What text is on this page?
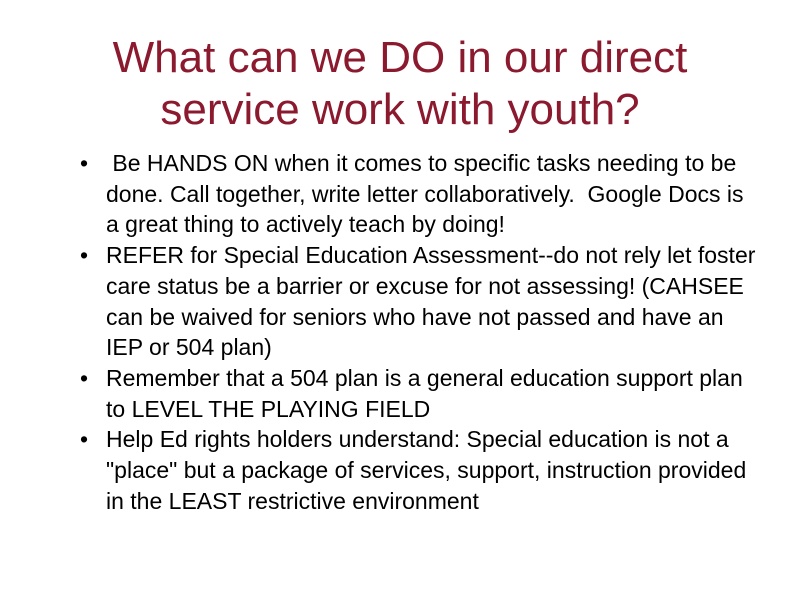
What can we DO in our direct service work with youth?
• Be HANDS ON when it comes to specific tasks needing to be done. Call together, write letter collaboratively.  Google Docs is a great thing to actively teach by doing!
• REFER for Special Education Assessment--do not rely let foster care status be a barrier or excuse for not assessing! (CAHSEE can be waived for seniors who have not passed and have an IEP or 504 plan)
• Remember that a 504 plan is a general education support plan to LEVEL THE PLAYING FIELD
• Help Ed rights holders understand: Special education is not a "place" but a package of services, support, instruction provided in the LEAST restrictive environment
